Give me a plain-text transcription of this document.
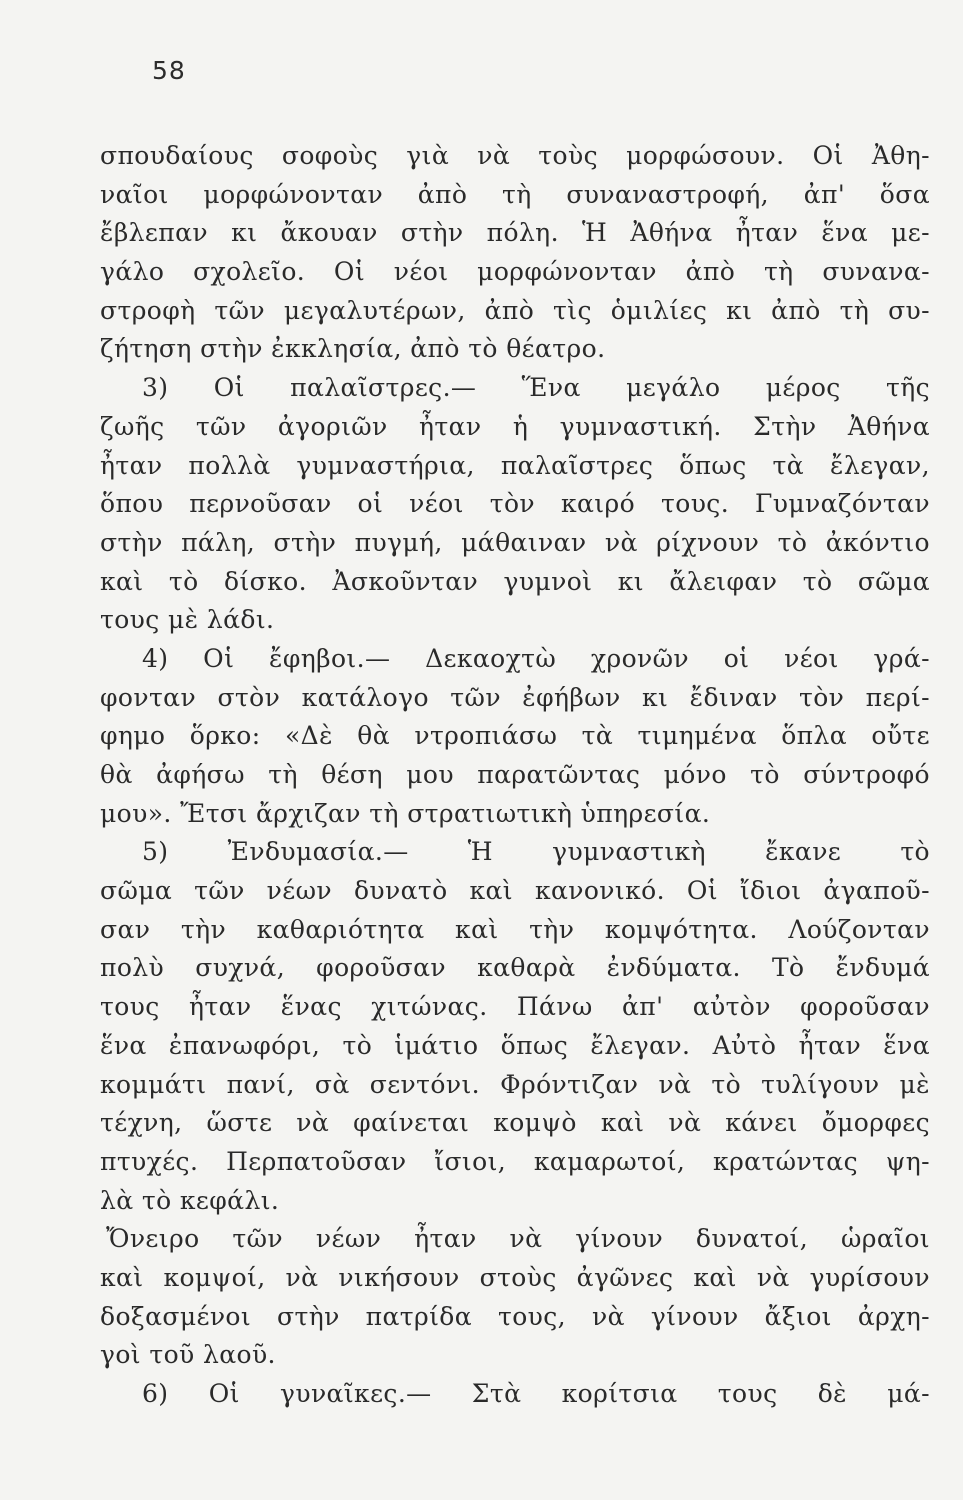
58
σπουδαίους σοφοὺς γιὰ νὰ τοὺς μορφώσουν. Οἱ Ἀθη-
ναῖοι μορφώνονταν ἀπὸ τὴ συναναστροφή, ἀπ' ὅσα
ἔβλεπαν κι ἄκουαν στὴν πόλη. Ἡ Ἀθήνα ἦταν ἕνα με-
γάλο σχολεῖο. Οἱ νέοι μορφώνονταν ἀπὸ τὴ συνανα-
στροφὴ τῶν μεγαλυτέρων, ἀπὸ τὶς ὁμιλίες κι ἀπὸ τὴ συ-
ζήτηση στὴν ἐκκλησία, ἀπὸ τὸ θέατρο.
3) Οἱ παλαῖστρες.— Ἕνα μεγάλο μέρος τῆς
ζωῆς τῶν ἀγοριῶν ἦταν ἡ γυμναστική. Στὴν Ἀθήνα
ἦταν πολλὰ γυμναστήρια, παλαῖστρες ὅπως τὰ ἔλεγαν,
ὅπου περνοῦσαν οἱ νέοι τὸν καιρό τους. Γυμναζόνταν
στὴν πάλη, στὴν πυγμή, μάθαιναν νὰ ρίχνουν τὸ ἀκόντιο
καὶ τὸ δίσκο. Ἀσκοῦνταν γυμνοὶ κι ἄλειφαν τὸ σῶμα
τους μὲ λάδι.
4) Οἱ ἔφηβοι.— Δεκαοχτὼ χρονῶν οἱ νέοι γρά-
φονταν στὸν κατάλογο τῶν ἐφήβων κι ἔδιναν τὸν περί-
φημο ὅρκο: «Δὲ θὰ ντροπιάσω τὰ τιμημένα ὅπλα οὔτε
θὰ ἀφήσω τὴ θέση μου παρατῶντας μόνο τὸ σύντροφό
μου». Ἔτσι ἄρχιζαν τὴ στρατιωτικὴ ὑπηρεσία.
5) Ἐνδυμασία.— Ἡ γυμναστικὴ ἔκανε τὸ
σῶμα τῶν νέων δυνατὸ καὶ κανονικό. Οἱ ἴδιοι ἀγαποῦ-
σαν τὴν καθαριότητα καὶ τὴν κομψότητα. Λούζονταν
πολὺ συχνά, φοροῦσαν καθαρὰ ἐνδύματα. Τὸ ἔνδυμά
τους ἦταν ἕνας χιτώνας. Πάνω ἀπ' αὐτὸν φοροῦσαν
ἕνα ἐπανωφόρι, τὸ ἱμάτιο ὅπως ἔλεγαν. Αὐτὸ ἦταν ἕνα
κομμάτι πανί, σὰ σεντόνι. Φρόντιζαν νὰ τὸ τυλίγουν μὲ
τέχνη, ὥστε νὰ φαίνεται κομψὸ καὶ νὰ κάνει ὄμορφες
πτυχές. Περπατοῦσαν ἴσιοι, καμαρωτοί, κρατώντας ψη-
λὰ τὸ κεφάλι.
Ὄνειρο τῶν νέων ἦταν νὰ γίνουν δυνατοί, ὡραῖοι
καὶ κομψοί, νὰ νικήσουν στοὺς ἀγῶνες καὶ νὰ γυρίσουν
δοξασμένοι στὴν πατρίδα τους, νὰ γίνουν ἄξιοι ἀρχη-
γοὶ τοῦ λαοῦ.
6) Οἱ γυναῖκες.— Στὰ κορίτσια τους δὲ μά-
